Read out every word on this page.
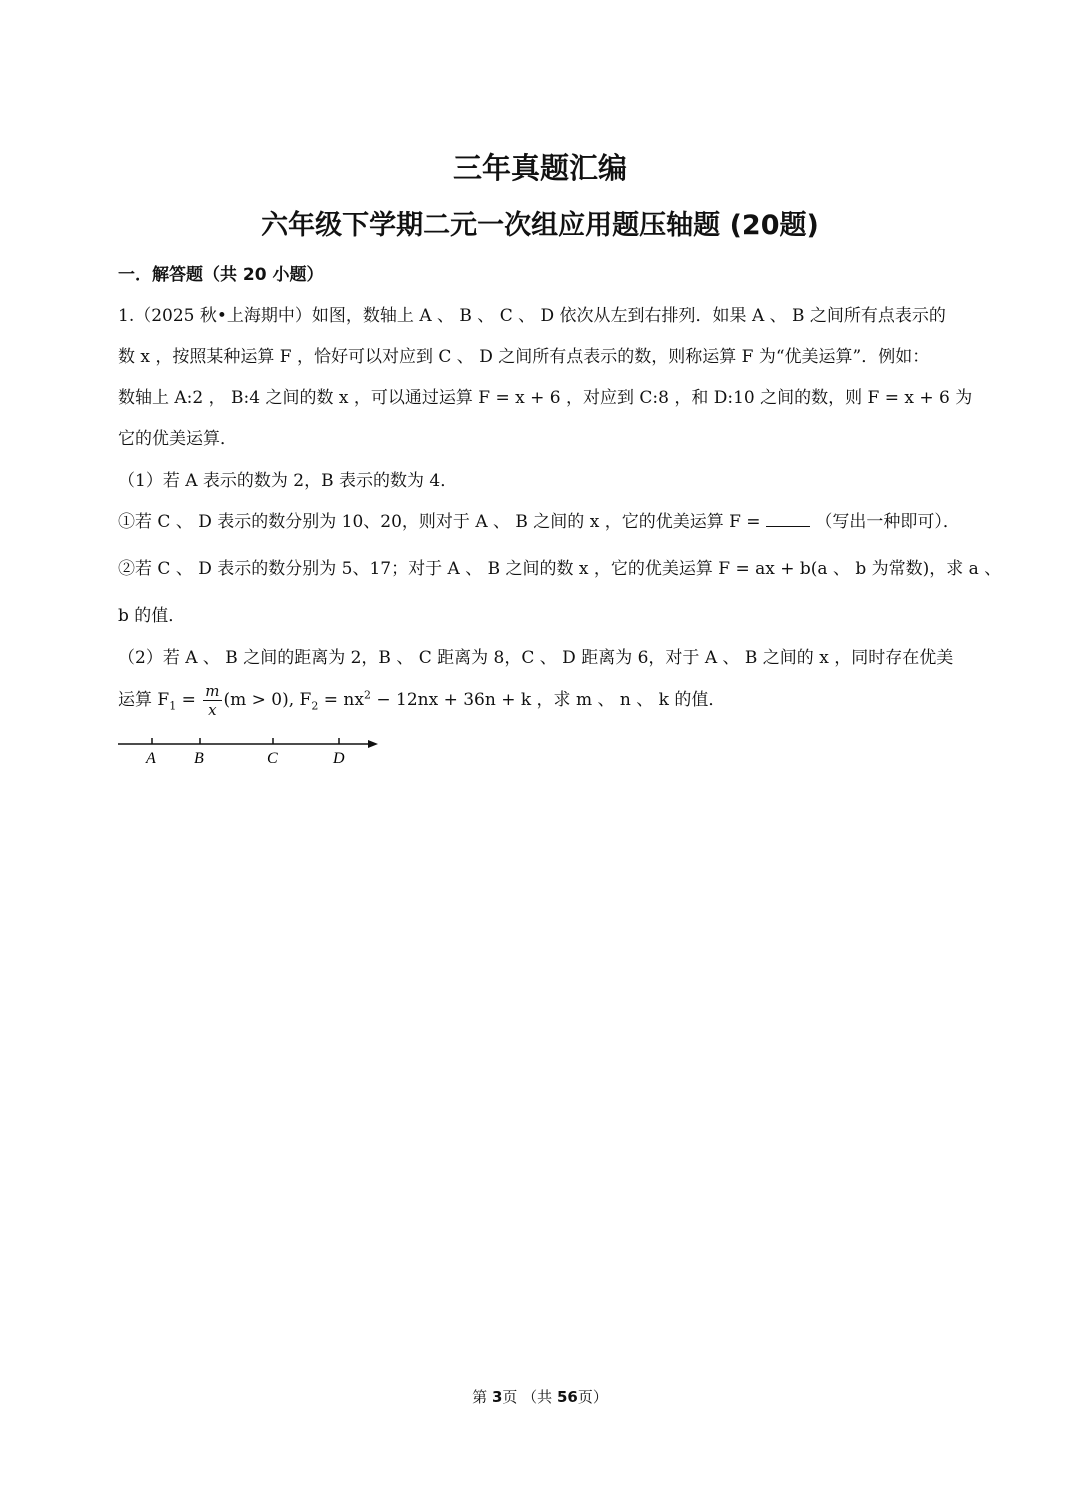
三年真题汇编
六年级下学期二元一次组应用题压轴题 (20题)
一．解答题（共 20 小题）
1.（2025 秋•上海期中）如图，数轴上 A 、 B 、 C 、 D 依次从左到右排列．如果 A 、 B 之间所有点表示的
数 x ，按照某种运算 F ，恰好可以对应到 C 、 D 之间所有点表示的数，则称运算 F 为“优美运算”．例如：
数轴上 A:2 ， B:4 之间的数 x ，可以通过运算 F = x + 6 ，对应到 C:8 ，和 D:10 之间的数，则 F = x + 6 为
它的优美运算．
（1）若 A 表示的数为 2，B 表示的数为 4．
①若 C 、 D 表示的数分别为 10、20，则对于 A 、 B 之间的 x ，它的优美运算 F =	（写出一种即可）．
②若 C 、 D 表示的数分别为 5、17；对于 A 、 B 之间的数 x ，它的优美运算 F = ax + b(a 、 b 为常数)，求 a 、
b 的值．
（2）若 A 、 B 之间的距离为 2，B 、 C 距离为 8，C 、 D 距离为 6，对于 A 、 B 之间的 x ，同时存在优美
运算 $F_1 = \frac{m}{x} (m > 0)$, $F_2 = nx^2 - 12nx + 36n + k$ ，求 m 、 n 、 k 的值．
A B	C	D
第 3页 （共 56页）
